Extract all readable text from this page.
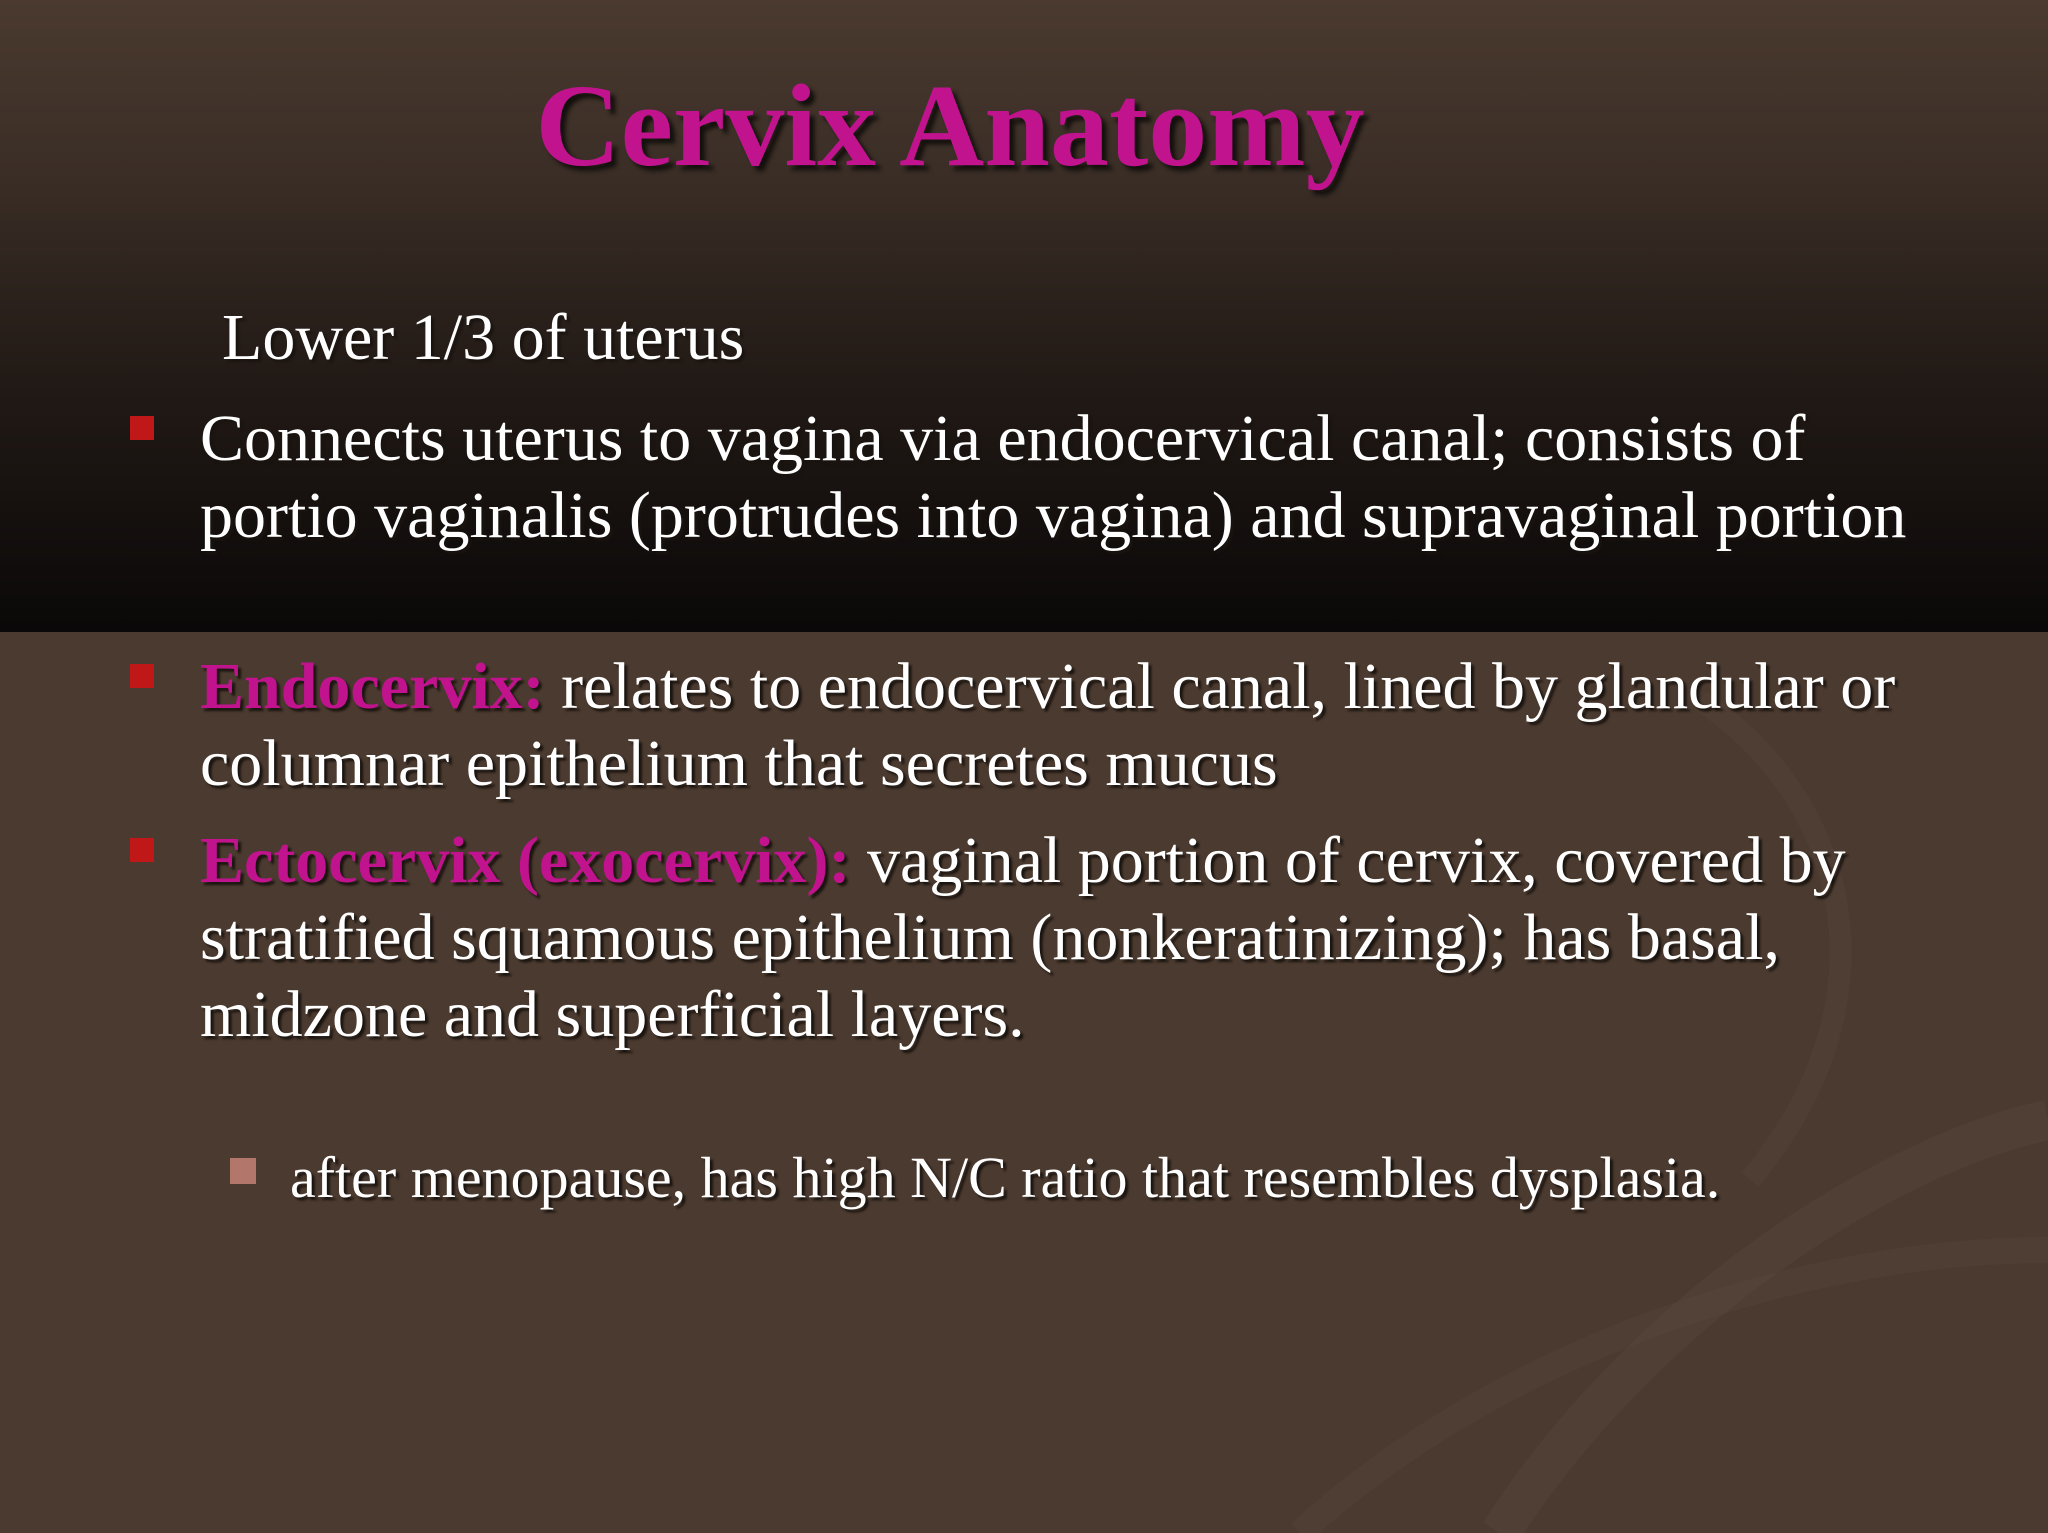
Cervix Anatomy

Lower 1/3 of uterus

Connects uterus to vagina via endocervical canal; consists of portio vaginalis (protrudes into vagina) and supravaginal portion

Endocervix: relates to endocervical canal, lined by glandular or columnar epithelium that secretes mucus

Ectocervix (exocervix): vaginal portion of cervix, covered by stratified squamous epithelium (nonkeratinizing); has basal, midzone and superficial layers.

after menopause, has high N/C ratio that resembles dysplasia.
